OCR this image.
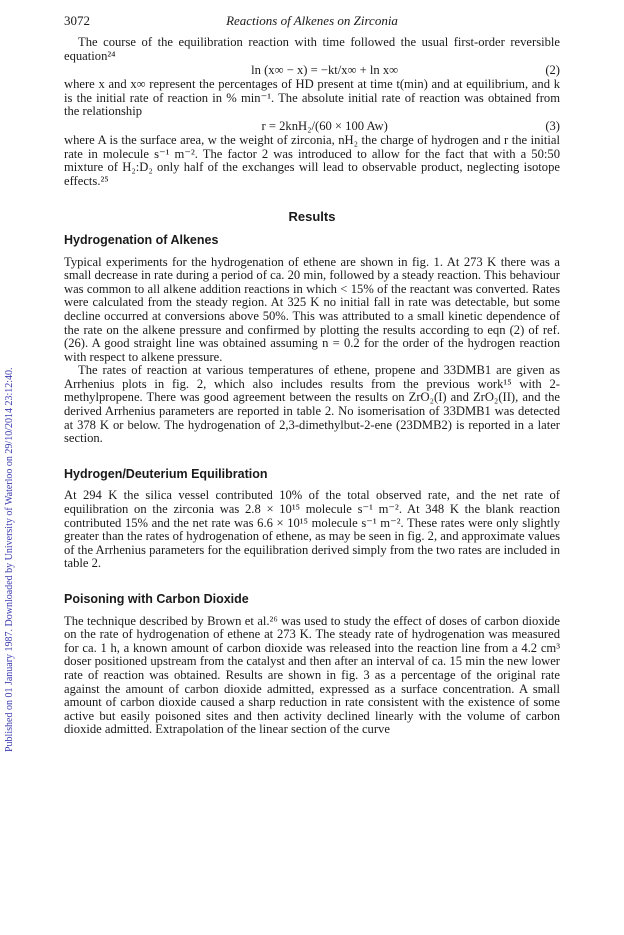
Published on 01 January 1987. Downloaded by University of Waterloo on 29/10/2014 23:12:40.
3072	Reactions of Alkenes on Zirconia

The course of the equilibration reaction with time followed the usual first-order reversible equation²⁴

ln (x∞ − x) = −kt/x∞ + ln x∞	(2)

where x and x∞ represent the percentages of HD present at time t(min) and at equilibrium, and k is the initial rate of reaction in % min⁻¹. The absolute initial rate of reaction was obtained from the relationship

r = 2knH₂/(60 × 100 Aw)	(3)

where A is the surface area, w the weight of zirconia, nH₂ the charge of hydrogen and r the initial rate in molecule s⁻¹ m⁻². The factor 2 was introduced to allow for the fact that with a 50:50 mixture of H₂:D₂ only half of the exchanges will lead to observable product, neglecting isotope effects.²⁵

Results
Hydrogenation of Alkenes

Typical experiments for the hydrogenation of ethene are shown in fig. 1. At 273 K there was a small decrease in rate during a period of ca. 20 min, followed by a steady reaction. This behaviour was common to all alkene addition reactions in which < 15% of the reactant was converted. Rates were calculated from the steady region. At 325 K no initial fall in rate was detectable, but some decline occurred at conversions above 50%. This was attributed to a small kinetic dependence of the rate on the alkene pressure and confirmed by plotting the results according to eqn (2) of ref. (26). A good straight line was obtained assuming n = 0.2 for the order of the hydrogen reaction with respect to alkene pressure.

The rates of reaction at various temperatures of ethene, propene and 33DMB1 are given as Arrhenius plots in fig. 2, which also includes results from the previous work¹⁵ with 2-methylpropene. There was good agreement between the results on ZrO₂(I) and ZrO₂(II), and the derived Arrhenius parameters are reported in table 2. No isomerisation of 33DMB1 was detected at 378 K or below. The hydrogenation of 2,3-dimethylbut-2-ene (23DMB2) is reported in a later section.

Hydrogen/Deuterium Equilibration

At 294 K the silica vessel contributed 10% of the total observed rate, and the net rate of equilibration on the zirconia was 2.8 × 10¹⁵ molecule s⁻¹ m⁻². At 348 K the blank reaction contributed 15% and the net rate was 6.6 × 10¹⁵ molecule s⁻¹ m⁻². These rates were only slightly greater than the rates of hydrogenation of ethene, as may be seen in fig. 2, and approximate values of the Arrhenius parameters for the equilibration derived simply from the two rates are included in table 2.

Poisoning with Carbon Dioxide

The technique described by Brown et al.²⁶ was used to study the effect of doses of carbon dioxide on the rate of hydrogenation of ethene at 273 K. The steady rate of hydrogenation was measured for ca. 1 h, a known amount of carbon dioxide was released into the reaction line from a 4.2 cm³ doser positioned upstream from the catalyst and then after an interval of ca. 15 min the new lower rate of reaction was obtained. Results are shown in fig. 3 as a percentage of the original rate against the amount of carbon dioxide admitted, expressed as a surface concentration. A small amount of carbon dioxide caused a sharp reduction in rate consistent with the existence of some active but easily poisoned sites and then activity declined linearly with the volume of carbon dioxide admitted. Extrapolation of the linear section of the curve
